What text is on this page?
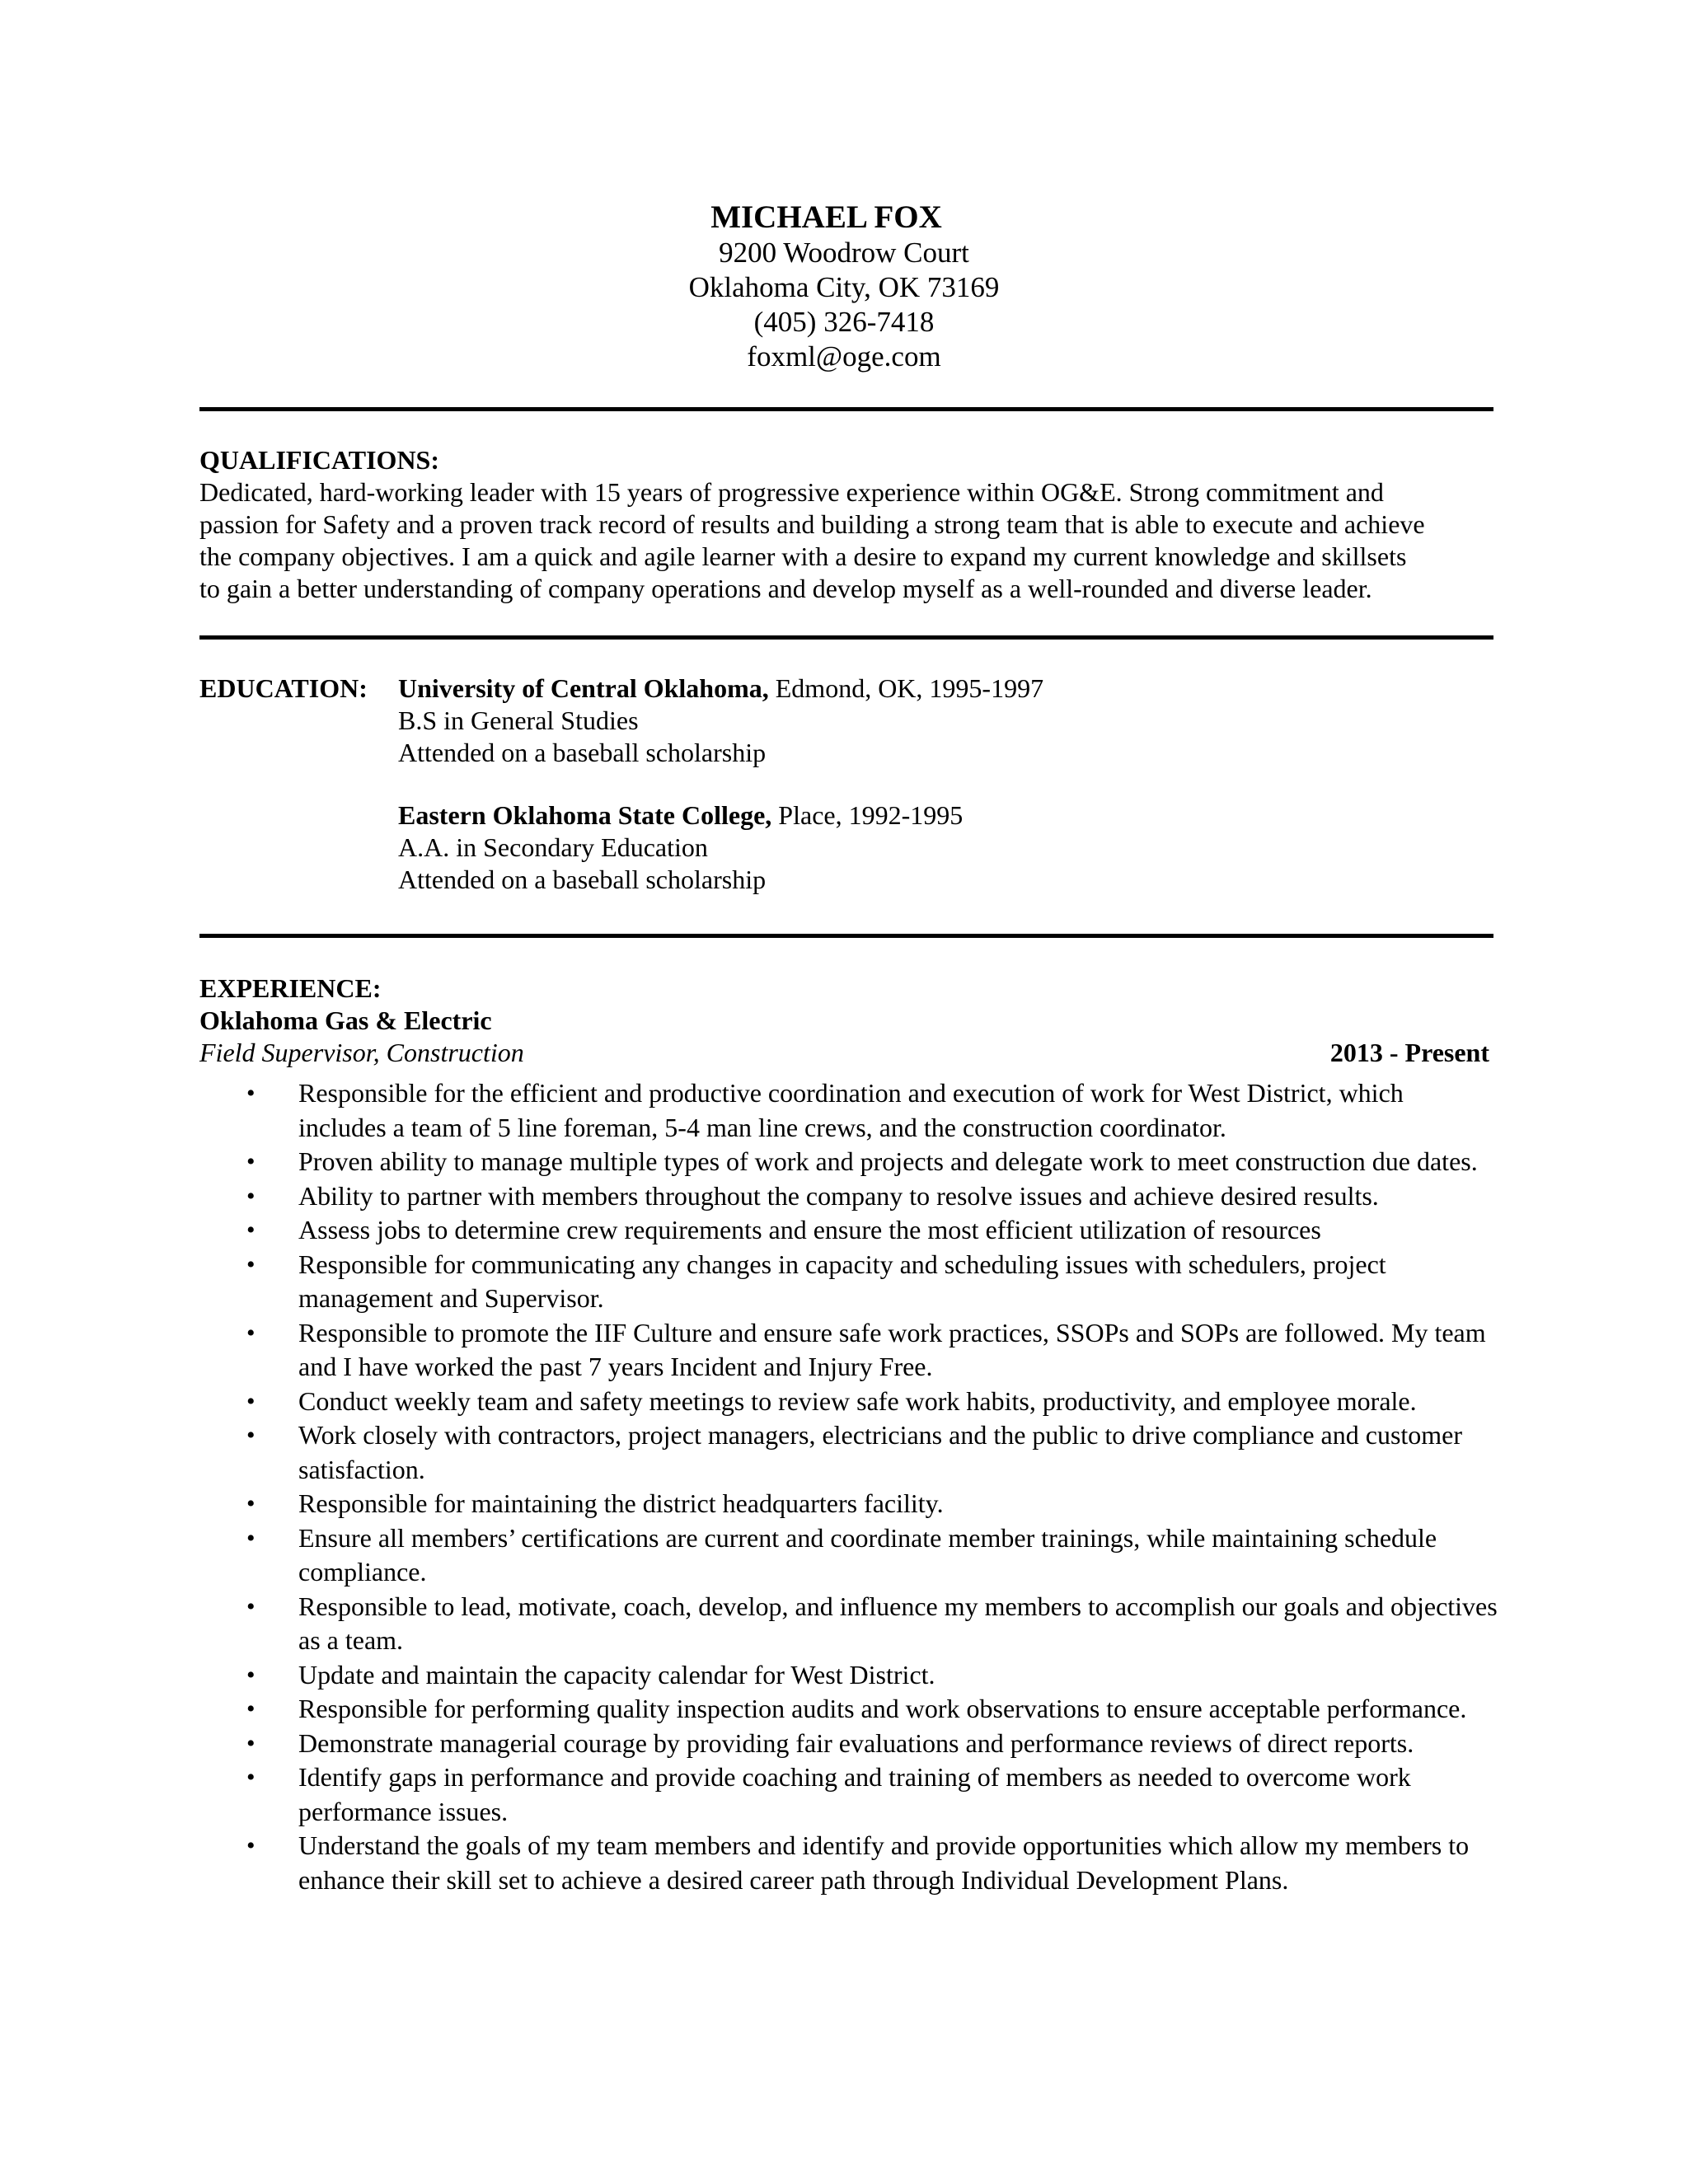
MICHAEL FOX
9200 Woodrow Court
Oklahoma City, OK 73169
(405) 326-7418
foxml@oge.com

QUALIFICATIONS:

Dedicated, hard-working leader with 15 years of progressive experience within OG&E. Strong commitment and

passion for Safety and a proven track record of results and building a strong team that is able to execute and achieve

the company objectives. I am a quick and agile learner with a desire to expand my current knowledge and skillsets

to gain a better understanding of company operations and develop myself as a well-rounded and diverse leader.

EDUCATION: University of Central Oklahoma, Edmond, OK, 1995-1997
B.S in General Studies
Attended on a baseball scholarship
Eastern Oklahoma State College, Place, 1992-1995
A.A. in Secondary Education
Attended on a baseball scholarship
EXPERIENCE:
Oklahoma Gas & Electric
Field Supervisor, Construction	2013 - Present
• Responsible for the efficient and productive coordination and execution of work for West District, which includes a team of 5 line foreman, 5-4 man line crews, and the construction coordinator.
• Proven ability to manage multiple types of work and projects and delegate work to meet construction due dates.
• Ability to partner with members throughout the company to resolve issues and achieve desired results.
• Assess jobs to determine crew requirements and ensure the most efficient utilization of resources
• Responsible for communicating any changes in capacity and scheduling issues with schedulers, project management and Supervisor.
• Responsible to promote the IIF Culture and ensure safe work practices, SSOPs and SOPs are followed. My team and I have worked the past 7 years Incident and Injury Free.
• Conduct weekly team and safety meetings to review safe work habits, productivity, and employee morale.
• Work closely with contractors, project managers, electricians and the public to drive compliance and customer satisfaction.
• Responsible for maintaining the district headquarters facility.
• Ensure all members’ certifications are current and coordinate member trainings, while maintaining schedule compliance.
• Responsible to lead, motivate, coach, develop, and influence my members to accomplish our goals and objectives as a team.
• Update and maintain the capacity calendar for West District.
• Responsible for performing quality inspection audits and work observations to ensure acceptable performance.
• Demonstrate managerial courage by providing fair evaluations and performance reviews of direct reports.
• Identify gaps in performance and provide coaching and training of members as needed to overcome work performance issues.
• Understand the goals of my team members and identify and provide opportunities which allow my members to enhance their skill set to achieve a desired career path through Individual Development Plans.
